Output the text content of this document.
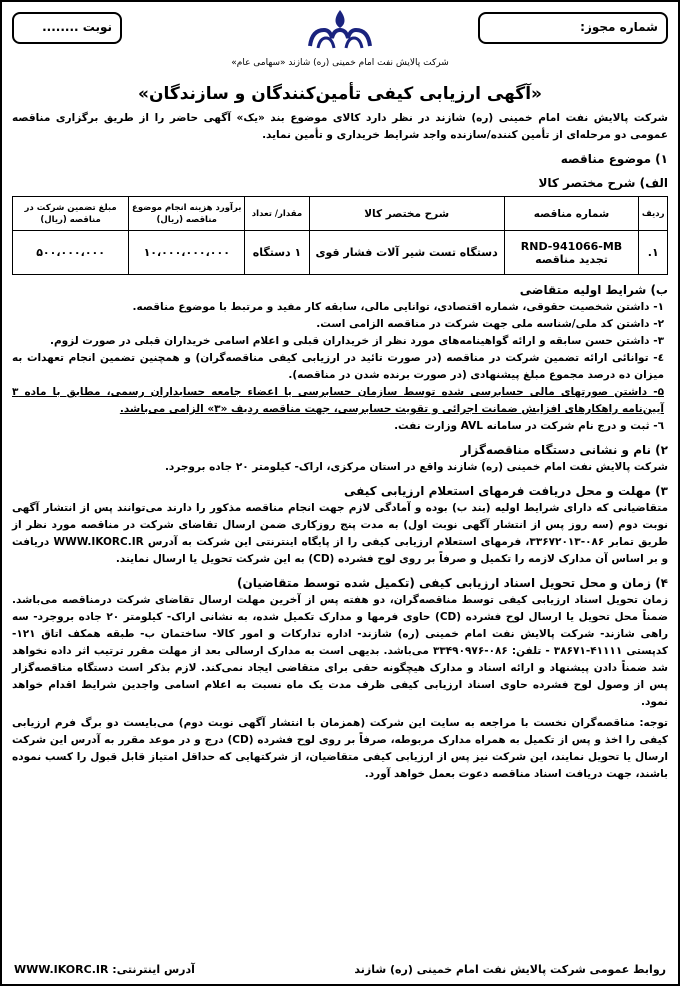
شماره مجوز:
نوبت ........
شرکت پالایش نفت امام خمینی (ره) شازند «سهامی عام»
«آگهی ارزیابی کیفی تأمین‌کنندگان و سازندگان»

شرکت پالایش نفت امام خمینی (ره) شازند در نظر دارد کالای موضوع بند «یک» آگهی حاضر را از طریق برگزاری مناقصه عمومی دو مرحله‌ای از تأمین کننده/سازنده واجد شرایط خریداری و تأمین نماید.

۱) موضوع مناقصه
الف) شرح مختصر کالا
ردیف	شماره مناقصه	شرح مختصر کالا	مقدار/ تعداد	برآورد هزینه انجام موضوع مناقصه (ریال)	مبلغ تضمین شرکت در مناقصه (ریال)
۱.	RND-941066-MB
تجدید مناقصه	دستگاه تست شیر آلات فشار قوی	۱ دستگاه	۱۰،۰۰۰،۰۰۰،۰۰۰	۵۰۰،۰۰۰،۰۰۰
ب) شرایط اولیه متقاضی
۱- داشتن شخصیت حقوقی، شماره اقتصادی، توانایی مالی، سابقه کار مفید و مرتبط با موضوع مناقصه.
۲- داشتن کد ملی/شناسه ملی جهت شرکت در مناقصه الزامی است.
۳- داشتن حسن سابقه و ارائه گواهینامه‌های مورد نظر از خریداران قبلی و اعلام اسامی خریداران قبلی در صورت لزوم.
٤- توانائی ارائه تضمین شرکت در مناقصه (در صورت تائید در ارزیابی کیفی مناقصه‌گران) و همچنین تضمین انجام تعهدات به میزان ده درصد مجموع مبلغ پیشنهادی (در صورت برنده شدن در مناقصه).
۵- داشتن صورتهای مالی حسابرسی شده توسط سازمان حسابرسی یا اعضاء جامعه حسابداران رسمی، مطابق با ماده ۳ آیین‌نامه راهکارهای افزایش ضمانت اجرائی و تقویت حسابرسی، جهت مناقصه ردیف «۳» الزامی می‌باشد.
٦- ثبت و درج نام شرکت در سامانه AVL وزارت نفت.
۲) نام و نشانی دستگاه مناقصه‌گزار

شرکت پالایش نفت امام خمینی (ره) شازند واقع در استان مرکزی، اراک- کیلومتر ۲۰ جاده بروجرد.

۳) مهلت و محل دریافت فرمهای استعلام ارزیابی کیفی

متقاضیانی که دارای شرایط اولیه (بند ب) بوده و آمادگی لازم جهت انجام مناقصه مذکور را دارند می‌توانند پس از انتشار آگهی نوبت دوم (سه روز پس از انتشار آگهی نوبت اول) به مدت پنج روزکاری ضمن ارسال تقاضای شرکت در مناقصه مورد نظر از طریق تمابر ۰۸۶-۳۳۶۷۲۰۱۳، فرمهای استعلام ارزیابی کیفی را از پایگاه اینترنتی این شرکت به آدرس WWW.IKORC.IR دریافت و بر اساس آن مدارک لازمه را تکمیل و صرفاً بر روی لوح فشرده (CD) به این شرکت تحویل یا ارسال نمایند.

۴) زمان و محل تحویل اسناد ارزیابی کیفی (تکمیل شده توسط متقاضیان)

زمان تحویل اسناد ارزیابی کیفی توسط مناقصه‌گران، دو هفته پس از آخرین مهلت ارسال تقاضای شرکت درمناقصه می‌باشد. ضمناً محل تحویل یا ارسال لوح فشرده (CD) حاوی فرمها و مدارک تکمیل شده، به نشانی اراک- کیلومتر ۲۰ جاده بروجرد- سه راهی شازند- شرکت پالایش نفت امام خمینی (ره) شازند- اداره تدارکات و امور کالا- ساختمان ب- طبقه همکف اتاق ۱۲۱- کدپستی ۴۱۱۱۱-۳۸۶۷۱ - تلفن: ۰۸۶-۳۳۴۹۰۹۷۶ می‌باشد. بدیهی است به مدارک ارسالی بعد از مهلت مقرر ترتیب اثر داده نخواهد شد ضمناً دادن پیشنهاد و ارائه اسناد و مدارک هیچگونه حقی برای متقاضی ایجاد نمی‌کند. لازم بذکر است دستگاه مناقصه‌گزار پس از وصول لوح فشرده حاوی اسناد ارزیابی کیفی ظرف مدت یک ماه نسبت به اعلام اسامی واجدین شرایط اقدام خواهد نمود.

توجه: مناقصه‌گران نخست با مراجعه به سایت این شرکت (همزمان با انتشار آگهی نوبت دوم) می‌بایست دو برگ فرم ارزیابی کیفی را اخذ و پس از تکمیل به همراه مدارک مربوطه، صرفاً بر روی لوح فشرده (CD) درج و در موعد مقرر به آدرس این شرکت ارسال یا تحویل نمایند، این شرکت نیز پس از ارزیابی کیفی متقاضیان، از شرکتهایی که حداقل امتیاز قابل قبول را کسب نموده باشند، جهت دریافت اسناد مناقصه دعوت بعمل خواهد آورد.

روابط عمومی شرکت پالایش نفت امام خمینی (ره) شازند
آدرس اینترنتی: WWW.IKORC.IR
